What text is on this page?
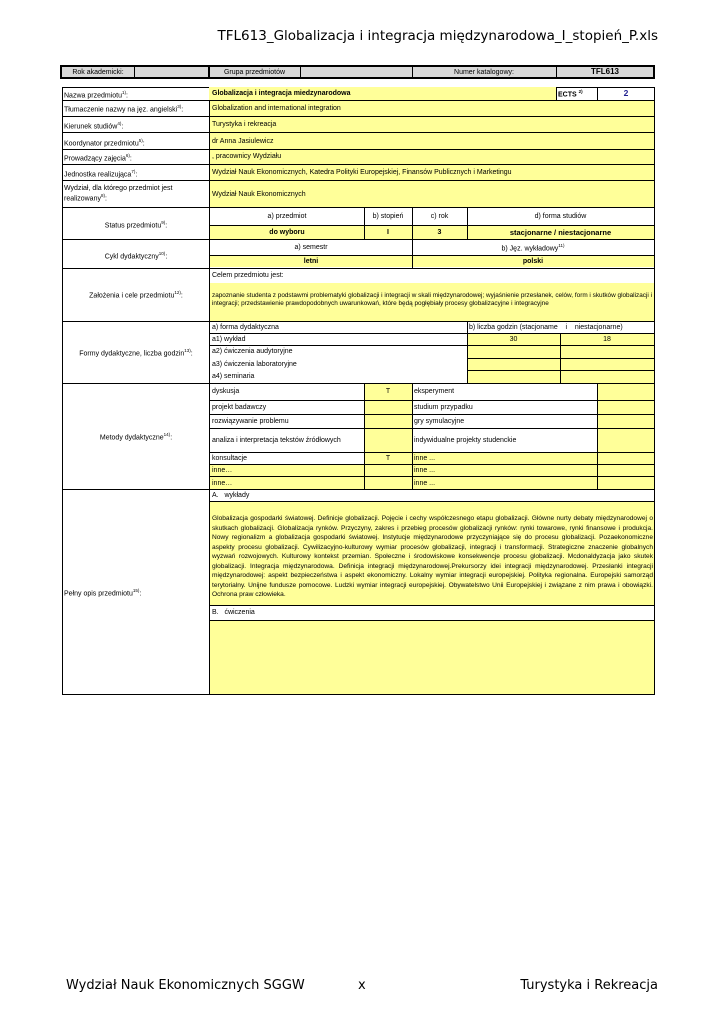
TFL613_Globalizacja i integracja międzynarodowa_I_stopień_P.xls
Rok akademicki:	Grupa przedmiotów	Numer katalogowy:	TFL613
Nazwa przedmiotu$^{1)}$:	Globalizacja i integracja miedzynarodowa	ECTS $^{2)}$	2
Tłumaczenie nazwy na jęz. angielski$^{3)}$:	Globalization and international integration
Kierunek studiów$^{4)}$:	Turystyka i rekreacja
Koordynator przedmiotu$^{5)}$:	dr Anna Jasiulewicz
Prowadzący zajęcia$^{6)}$:	, pracownicy Wydziału
Jednostka realizująca$^{7)}$:	Wydział Nauk Ekonomicznych, Katedra Polityki Europejskiej, Finansów Publicznych i Marketingu
Wydział, dla którego przedmiot jest
realizowany$^{8)}$:
Wydział Nauk Ekonomicznych
Status przedmiotu$^{9)}$:
a) przedmiot	b) stopień	c) rok	d) forma studiów
do wyboru	I	3	stacjonarne / niestacjonarne
Cykl dydaktyczny$^{10)}$:
a) semestr	b) Jęz. wykładowy$^{11)}$
letni	polski
Założenia i cele przedmiotu$^{12)}$:
Celem przedmiotu jest:
zapoznanie studenta z podstawmi problematyki globalizacji i integracji w skali międzynarodowej; wyjaśnienie przesłanek, celów, form i skutków globalizacji i integracji; przedstawienie prawdopodobnych uwarunkowań, które będą pogłębiały procesy globalizacyjne i integracyjne
Formy dydaktyczne, liczba godzin$^{13)}$:
a) forma dydaktyczna	b) liczba godzin (stacjoname    i    niestacjonarne)
a1) wykład	30	18
a2) ćwiczenia audytoryjne
a3) ćwiczenia laboratoryjne
a4) seminaria
Metody dydaktyczne$^{14)}$:
dyskusja	T	eksperyment
projekt badawczy	studium przypadku
rozwiązywanie problemu	gry symulacyjne
analiza i interpretacja tekstów źródłowych	indywidualne projekty studenckie
konsultacje	T	inne ...
inne…	inne ...
inne…	inne ...
Pełny opis przedmiotu$^{15)}$:
A.   wykłady
Globalizacja gospodarki światowej. Definicje globalizacji. Pojęcie i cechy współczesnego etapu globalizacji. Główne nurty debaty międzynarodowej o skutkach globalizacji. Globalizacja rynków. Przyczyny, zakres i przebieg procesów globalizacji rynków: rynki towarowe, rynki finansowe i produkcja. Nowy regionalizm a globalizacja gospodarki światowej. Instytucje międzynarodowe przyczyniające się do procesu globalizacji. Pozaekonomiczne aspekty procesu globalizacji. Cywilizacyjno-kulturowy wymiar procesów globalizacji, integracji i transformacji. Strategiczne znaczenie globalnych wyzwań rozwojowych. Kulturowy kontekst przemian. Społeczne i środowiskowe konsekwencje procesu globalizacji. Mcdonaldyzacja jako skutek globalizacji. Integracja międzynarodowa. Definicja integracji międzynarodowej.Prekursorzy idei integracji międzynarodowej. Przesłanki integracji międzynarodowej: aspekt bezpieczeństwa i aspekt ekonomiczny. Lokalny wymiar integracji europejskiej. Polityka regionalna. Europejski samorząd terytorialny. Unijne fundusze pomocowe. Ludzki wymiar integracji europejskiej. Obywatelstwo Unii Europejskiej i związane z nim prawa i obowiązki. Ochrona praw człowieka.
B.   ćwiczenia
Wydział Nauk Ekonomicznych SGGW	x	Turystyka i Rekreacja
